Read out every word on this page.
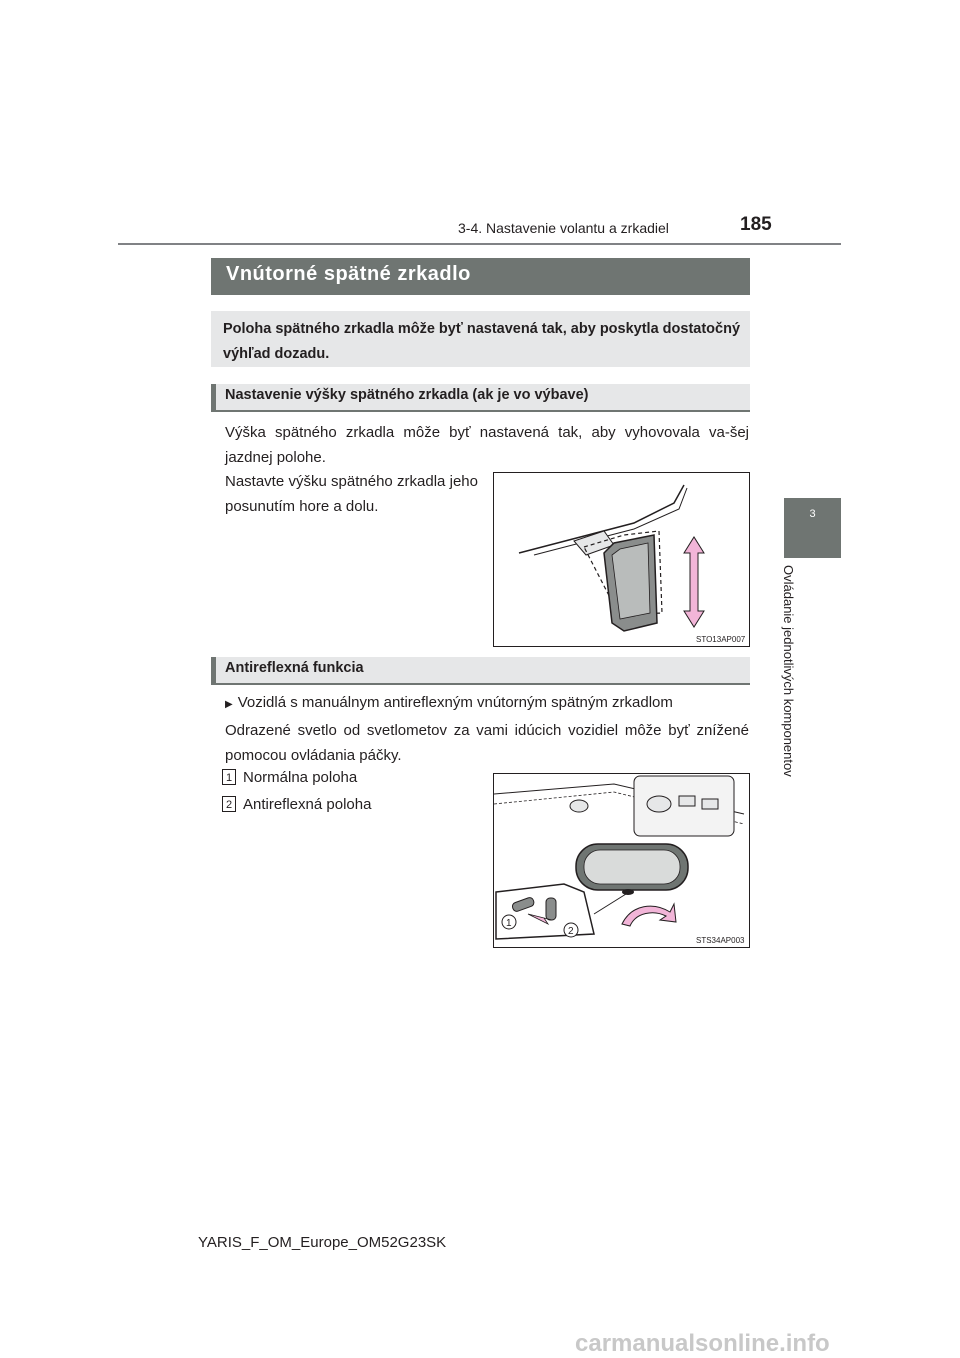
3-4. Nastavenie volantu a zrkadiel	185
3
Ovládanie jednotlivých komponentov
Vnútorné spätné zrkadlo
Poloha spätného zrkadla môže byť nastavená tak, aby poskytla dostatočný výhľad dozadu.
Nastavenie výšky spätného zrkadla (ak je vo výbave)
Výška spätného zrkadla môže byť nastavená tak, aby vyhovovala va-šej jazdnej polohe.
Nastavte výšku spätného zrkadla jeho posunutím hore a dolu.
STO13AP007
Antireflexná funkcia
▶ Vozidlá s manuálnym antireflexným vnútorným spätným zrkadlom
Odrazené svetlo od svetlometov za vami idúcich vozidiel môže byť znížené pomocou ovládania páčky.
1 Normálna poloha
2 Antireflexná poloha
1
2
STS34AP003
YARIS_F_OM_Europe_OM52G23SK
carmanualsonline.info
